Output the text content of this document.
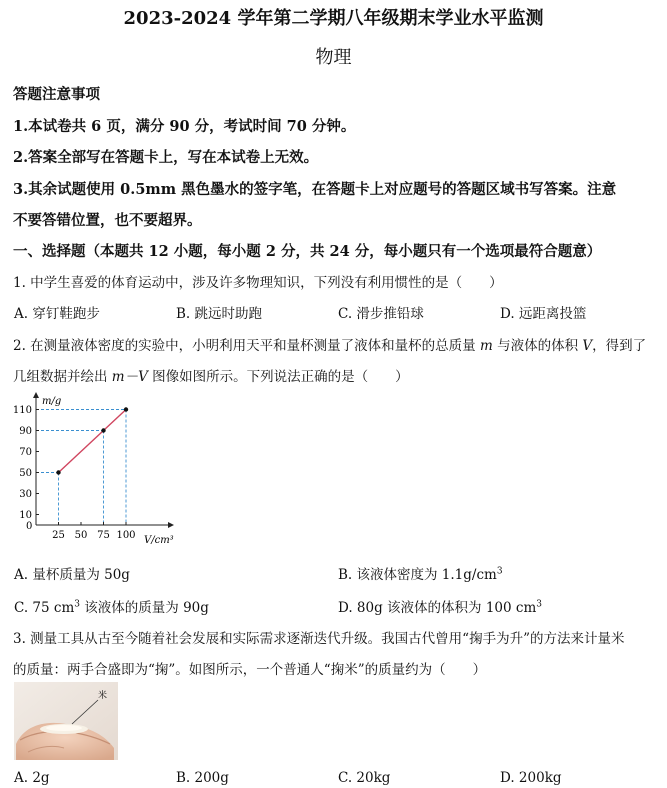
2023-2024 学年第二学期八年级期末学业水平监测
物理
答题注意事项
1.本试卷共 6 页，满分 90 分，考试时间 70 分钟。
2.答案全部写在答题卡上，写在本试卷上无效。
3.其余试题使用 0.5mm 黑色墨水的签字笔，在答题卡上对应题号的答题区域书写答案。注意
不要答错位置，也不要超界。
一、选择题（本题共 12 小题，每小题 2 分，共 24 分，每小题只有一个选项最符合题意）
1. 中学生喜爱的体育运动中，涉及许多物理知识，下列没有利用惯性的是（　　）
A. 穿钉鞋跑步	B. 跳远时助跑	C. 滑步推铅球	D. 远距离投篮
2. 在测量液体密度的实验中，小明利用天平和量杯测量了液体和量杯的总质量 m 与液体的体积 V，得到了
几组数据并绘出 m－V 图像如图所示。下列说法正确的是（　　）
25 50 75 100
10
30
50
70
90
110
m/g
V/cm³
0
A. 量杯质量为 50g	B. 该液体密度为 $1.1g/cm^3$
C. 75 $cm^3$ 该液体的质量为 90g	D. 80g 该液体的体积为 100 $cm^3$
3. 测量工具从古至今随着社会发展和实际需求逐渐迭代升级。我国古代曾用“掬手为升”的方法来计量米
的质量：两手合盛即为“掬”。如图所示，一个普通人“掬米”的质量约为（　　）
米
A. 2g	B. 200g	C. 20kg	D. 200kg
